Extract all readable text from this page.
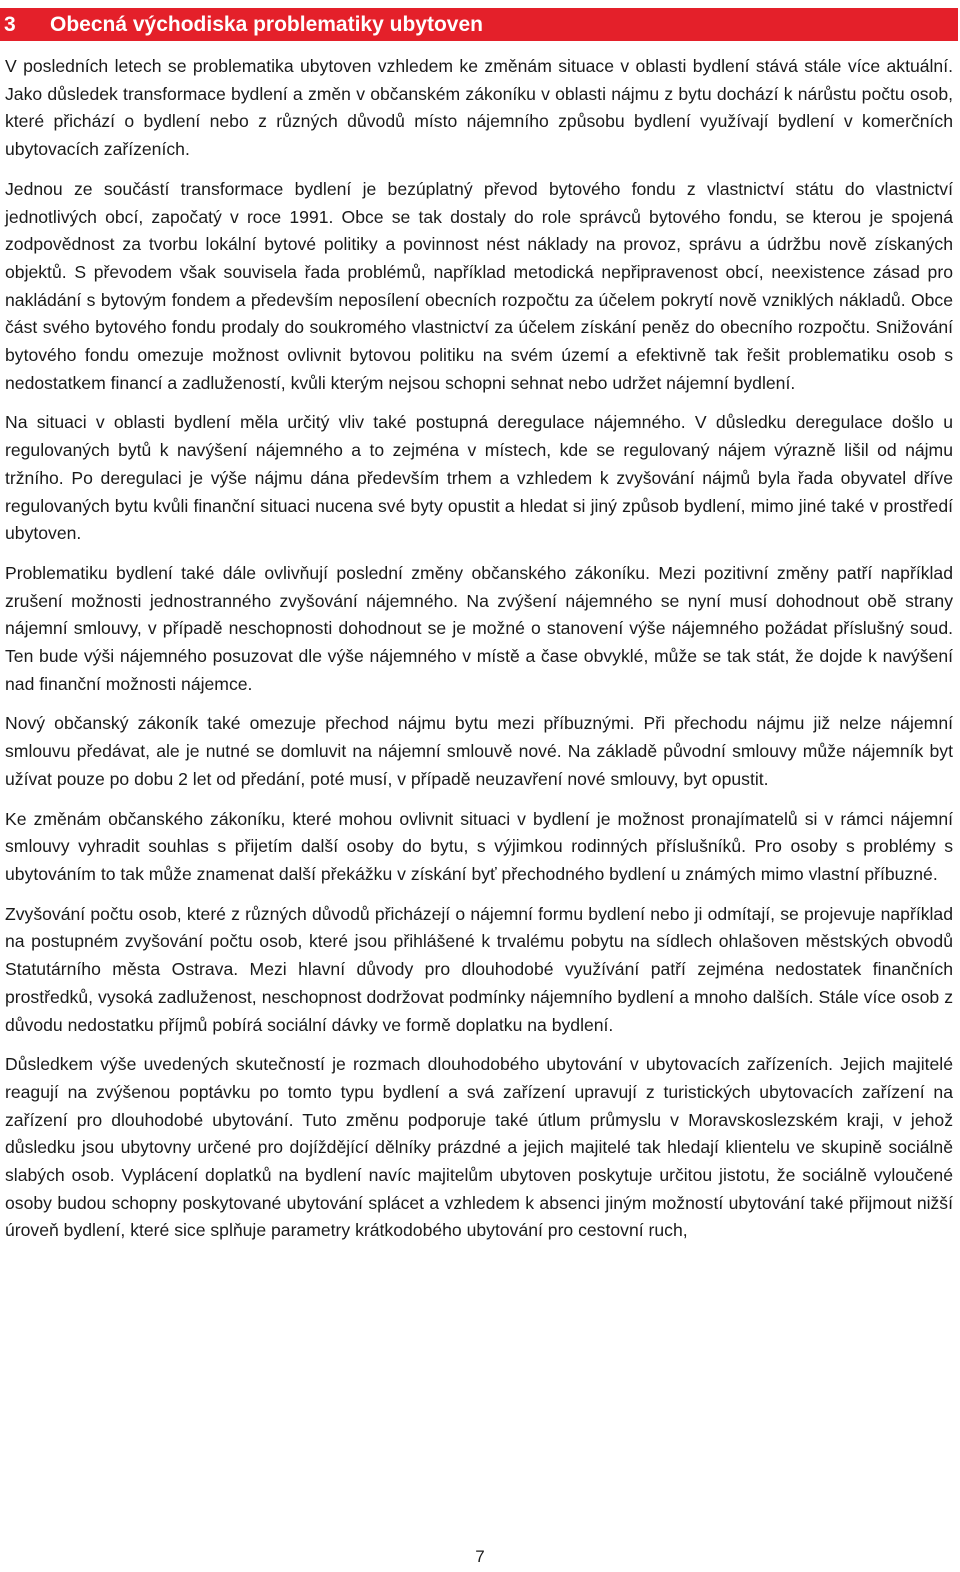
3 Obecná východiska problematiky ubytoven

V posledních letech se problematika ubytoven vzhledem ke změnám situace v oblasti bydlení stává stále více aktuální. Jako důsledek transformace bydlení a změn v občanském zákoníku v oblasti nájmu z bytu dochází k nárůstu počtu osob, které přichází o bydlení nebo z různých důvodů místo nájemního způsobu bydlení využívají bydlení v komerčních ubytovacích zařízeních.

Jednou ze součástí transformace bydlení je bezúplatný převod bytového fondu z vlastnictví státu do vlastnictví jednotlivých obcí, započatý v roce 1991. Obce se tak dostaly do role správců bytového fondu, se kterou je spojená zodpovědnost za tvorbu lokální bytové politiky a povinnost nést náklady na provoz, správu a údržbu nově získaných objektů. S převodem však souvisela řada problémů, například metodická nepřipravenost obcí, neexistence zásad pro nakládání s bytovým fondem a především neposílení obecních rozpočtu za účelem pokrytí nově vzniklých nákladů. Obce část svého bytového fondu prodaly do soukromého vlastnictví za účelem získání peněz do obecního rozpočtu. Snižování bytového fondu omezuje možnost ovlivnit bytovou politiku na svém území a efektivně tak řešit problematiku osob s nedostatkem financí a zadlužeností, kvůli kterým nejsou schopni sehnat nebo udržet nájemní bydlení.

Na situaci v oblasti bydlení měla určitý vliv také postupná deregulace nájemného. V důsledku deregulace došlo u regulovaných bytů k navýšení nájemného a to zejména v místech, kde se regulovaný nájem výrazně lišil od nájmu tržního. Po deregulaci je výše nájmu dána především trhem a vzhledem k zvyšování nájmů byla řada obyvatel dříve regulovaných bytu kvůli finanční situaci nucena své byty opustit a hledat si jiný způsob bydlení, mimo jiné také v prostředí ubytoven.

Problematiku bydlení také dále ovlivňují poslední změny občanského zákoníku. Mezi pozitivní změny patří například zrušení možnosti jednostranného zvyšování nájemného. Na zvýšení nájemného se nyní musí dohodnout obě strany nájemní smlouvy, v případě neschopnosti dohodnout se je možné o stanovení výše nájemného požádat příslušný soud. Ten bude výši nájemného posuzovat dle výše nájemného v místě a čase obvyklé, může se tak stát, že dojde k navýšení nad finanční možnosti nájemce.

Nový občanský zákoník také omezuje přechod nájmu bytu mezi příbuznými. Při přechodu nájmu již nelze nájemní smlouvu předávat, ale je nutné se domluvit na nájemní smlouvě nové. Na základě původní smlouvy může nájemník byt užívat pouze po dobu 2 let od předání, poté musí, v případě neuzavření nové smlouvy, byt opustit.

Ke změnám občanského zákoníku, které mohou ovlivnit situaci v bydlení je možnost pronajímatelů si v rámci nájemní smlouvy vyhradit souhlas s přijetím další osoby do bytu, s výjimkou rodinných příslušníků. Pro osoby s problémy s ubytováním to tak může znamenat další překážku v získání byť přechodného bydlení u známých mimo vlastní příbuzné.

Zvyšování počtu osob, které z různých důvodů přicházejí o nájemní formu bydlení nebo ji odmítají, se projevuje například na postupném zvyšování počtu osob, které jsou přihlášené k trvalému pobytu na sídlech ohlašoven městských obvodů Statutárního města Ostrava. Mezi hlavní důvody pro dlouhodobé využívání patří zejména nedostatek finančních prostředků, vysoká zadluženost, neschopnost dodržovat podmínky nájemního bydlení a mnoho dalších. Stále více osob z důvodu nedostatku příjmů pobírá sociální dávky ve formě doplatku na bydlení.

Důsledkem výše uvedených skutečností je rozmach dlouhodobého ubytování v ubytovacích zařízeních. Jejich majitelé reagují na zvýšenou poptávku po tomto typu bydlení a svá zařízení upravují z turistických ubytovacích zařízení na zařízení pro dlouhodobé ubytování. Tuto změnu podporuje také útlum průmyslu v Moravskoslezském kraji, v jehož důsledku jsou ubytovny určené pro dojíždějící dělníky prázdné a jejich majitelé tak hledají klientelu ve skupině sociálně slabých osob. Vyplácení doplatků na bydlení navíc majitelům ubytoven poskytuje určitou jistotu, že sociálně vyloučené osoby budou schopny poskytované ubytování splácet a vzhledem k absenci jiným možností ubytování také přijmout nižší úroveň bydlení, které sice splňuje parametry krátkodobého ubytování pro cestovní ruch,

7
